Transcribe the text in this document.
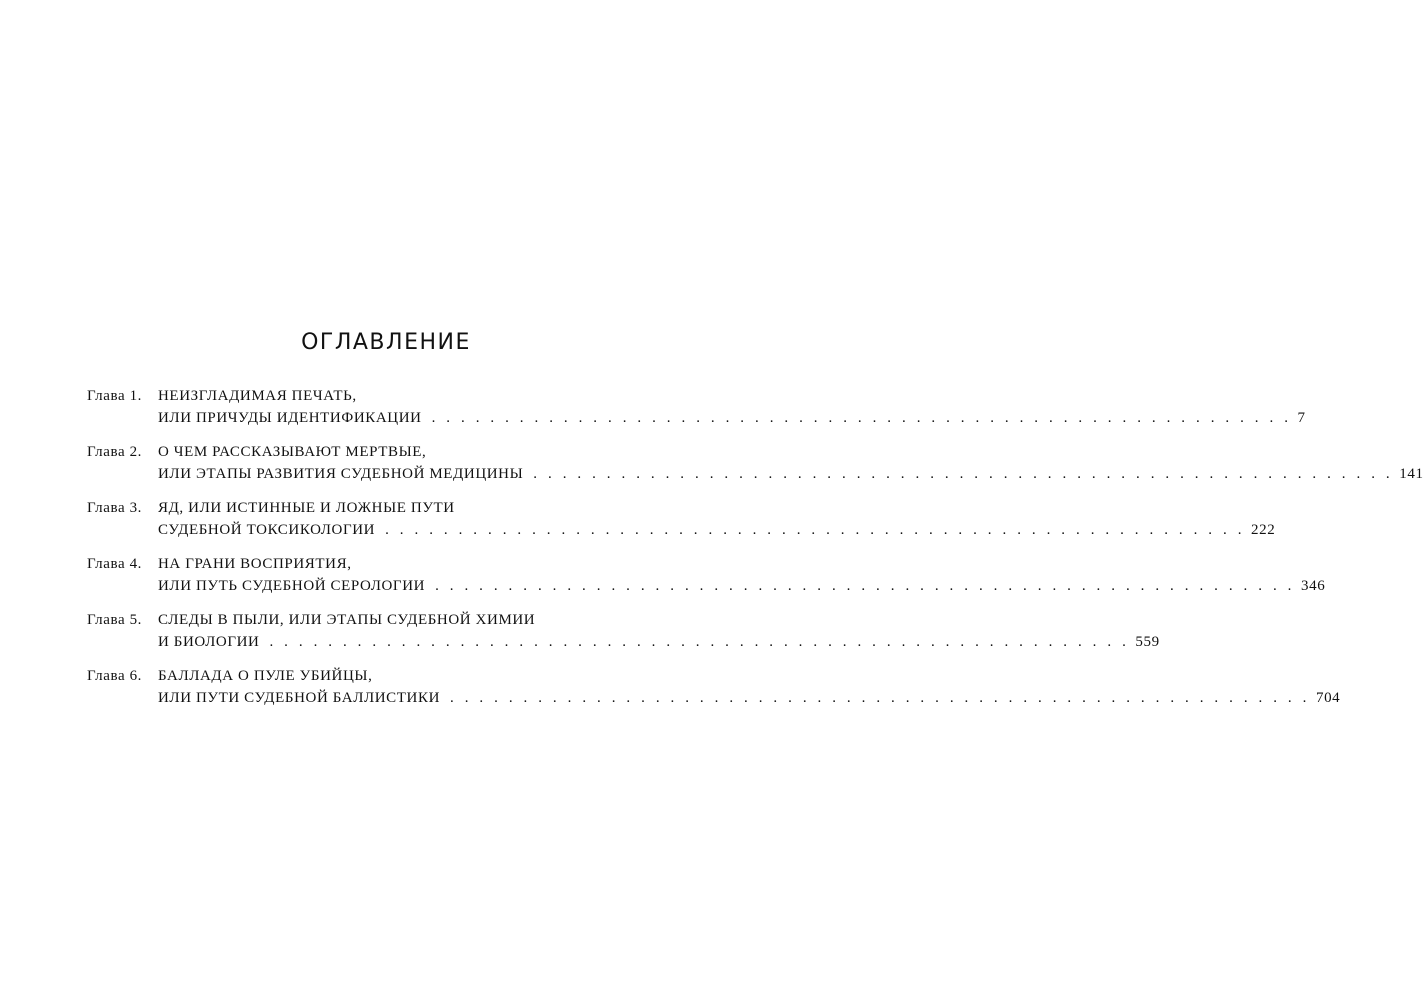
ОГЛАВЛЕНИЕ
Глава 1. НЕИЗГЛАДИМАЯ ПЕЧАТЬ,
ИЛИ ПРИЧУДЫ ИДЕНТИФИКАЦИИ . . . . . . . . . . . . . . . . . . . . . . . . . . . . . . . . . . . . . . . . . . . . . . . . . . . . . . . . . . . 7
Глава 2. О ЧЕМ РАССКАЗЫВАЮТ МЕРТВЫЕ,
ИЛИ ЭТАПЫ РАЗВИТИЯ СУДЕБНОЙ МЕДИЦИНЫ . . . . . . . . . . . . . . . . . . . . . . . . . . . . . . . . . . . . . . . . . . . . . . . . . . . . . . . . . . . 141
Глава 3. ЯД, ИЛИ ИСТИННЫЕ И ЛОЖНЫЕ ПУТИ
СУДЕБНОЙ ТОКСИКОЛОГИИ . . . . . . . . . . . . . . . . . . . . . . . . . . . . . . . . . . . . . . . . . . . . . . . . . . . . . . . . . . . 222
Глава 4. НА ГРАНИ ВОСПРИЯТИЯ,
ИЛИ ПУТЬ СУДЕБНОЙ СЕРОЛОГИИ . . . . . . . . . . . . . . . . . . . . . . . . . . . . . . . . . . . . . . . . . . . . . . . . . . . . . . . . . . . 346
Глава 5. СЛЕДЫ В ПЫЛИ, ИЛИ ЭТАПЫ СУДЕБНОЙ ХИМИИ
И БИОЛОГИИ . . . . . . . . . . . . . . . . . . . . . . . . . . . . . . . . . . . . . . . . . . . . . . . . . . . . . . . . . . . 559
Глава 6. БАЛЛАДА О ПУЛЕ УБИЙЦЫ,
ИЛИ ПУТИ СУДЕБНОЙ БАЛЛИСТИКИ . . . . . . . . . . . . . . . . . . . . . . . . . . . . . . . . . . . . . . . . . . . . . . . . . . . . . . . . . . . 704
